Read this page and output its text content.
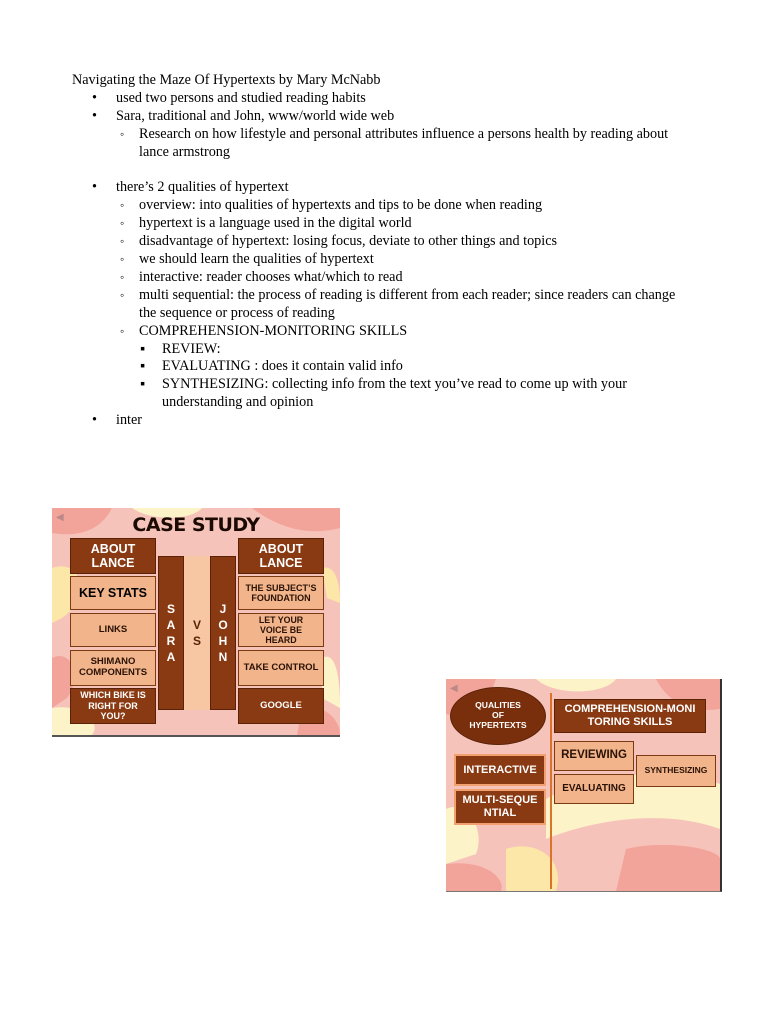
Navigating the Maze Of Hypertexts by Mary McNabb
• used two persons and studied reading habits
• Sara, traditional and John, www/world wide web
◦ Research on how lifestyle and personal attributes influence a persons health by reading about lance armstrong
• there’s 2 qualities of hypertext
◦ overview: into qualities of hypertexts and tips to be done when reading
◦ hypertext is a language used in the digital world
◦ disadvantage of hypertext: losing focus, deviate to other things and topics
◦ we should learn the qualities of hypertext
◦ interactive: reader chooses what/which to read
◦ multi sequential: the process of reading is different from each reader; since readers can change the sequence or process of reading
◦ COMPREHENSION-MONITORING SKILLS
▪ REVIEW:
▪ EVALUATING : does it contain valid info
▪ SYNTHESIZING: collecting info from the text you’ve read to come up with your understanding and opinion
• inter
◀︎	CASE STUDY
ABOUT LANCE
KEY STATS
LINKS
SHIMANO COMPONENTS
WHICH BIKE IS RIGHT FOR YOU?
S
A
R
A
V
S
J
O
H
N
ABOUT LANCE
THE SUBJECT’S FOUNDATION
LET YOUR VOICE BE HEARD
TAKE CONTROL
GOOGLE
◀︎
QUALITIES OF HYPERTEXTS
COMPREHENSION-MONI TORING SKILLS
INTERACTIVE
MULTI-SEQUE NTIAL
REVIEWING
EVALUATING
SYNTHESIZING
